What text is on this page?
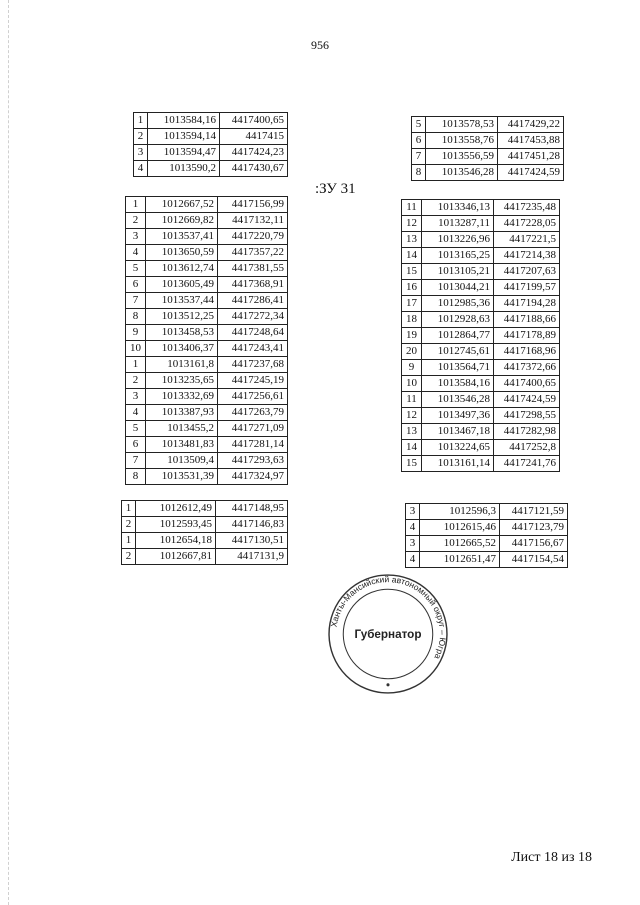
956
1	1013584,16	4417400,65
2	1013594,14	4417415
3	1013594,47	4417424,23
4	1013590,2	4417430,67
5	1013578,53	4417429,22
6	1013558,76	4417453,88
7	1013556,59	4417451,28
8	1013546,28	4417424,59
:ЗУ 31
1	1012667,52	4417156,99
2	1012669,82	4417132,11
3	1013537,41	4417220,79
4	1013650,59	4417357,22
5	1013612,74	4417381,55
6	1013605,49	4417368,91
7	1013537,44	4417286,41
8	1013512,25	4417272,34
9	1013458,53	4417248,64
10	1013406,37	4417243,41
1	1013161,8	4417237,68
2	1013235,65	4417245,19
3	1013332,69	4417256,61
4	1013387,93	4417263,79
5	1013455,2	4417271,09
6	1013481,83	4417281,14
7	1013509,4	4417293,63
8	1013531,39	4417324,97
11	1013346,13	4417235,48
12	1013287,11	4417228,05
13	1013226,96	4417221,5
14	1013165,25	4417214,38
15	1013105,21	4417207,63
16	1013044,21	4417199,57
17	1012985,36	4417194,28
18	1012928,63	4417188,66
19	1012864,77	4417178,89
20	1012745,61	4417168,96
9	1013564,71	4417372,66
10	1013584,16	4417400,65
11	1013546,28	4417424,59
12	1013497,36	4417298,55
13	1013467,18	4417282,98
14	1013224,65	4417252,8
15	1013161,14	4417241,76
1	1012612,49	4417148,95
2	1012593,45	4417146,83
1	1012654,18	4417130,51
2	1012667,81	4417131,9
3	1012596,3	4417121,59
4	1012615,46	4417123,79
3	1012665,52	4417156,67
4	1012651,47	4417154,54
Ханты-Мансийский автономный округ – Югра
Губернатор
Лист 18 из 18
